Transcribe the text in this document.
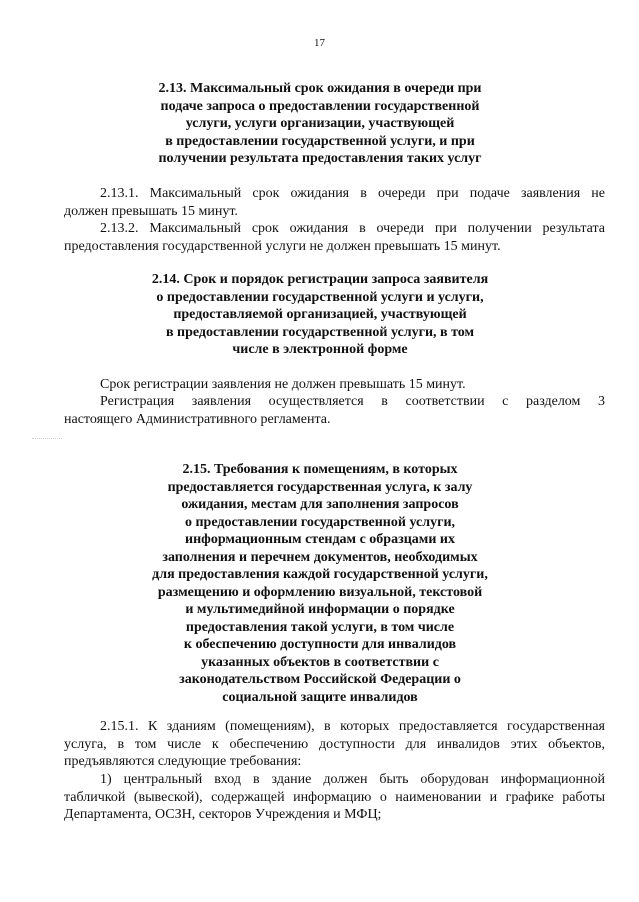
17
2.13. Максимальный срок ожидания в очереди при
подаче запроса о предоставлении государственной
услуги, услуги организации, участвующей
в предоставлении государственной услуги, и при
получении результата предоставления таких услуг
2.13.1. Максимальный срок ожидания в очереди при подаче заявления не
должен превышать 15 минут.
2.13.2. Максимальный срок ожидания в очереди при получении результата
предоставления государственной услуги не должен превышать 15 минут.
2.14. Срок и порядок регистрации запроса заявителя
о предоставлении государственной услуги и услуги,
предоставляемой организацией, участвующей
в предоставлении государственной услуги, в том
числе в электронной форме
Срок регистрации заявления не должен превышать 15 минут.
Регистрация заявления осуществляется в соответствии с разделом 3
настоящего Административного регламента.
2.15. Требования к помещениям, в которых
предоставляется государственная услуга, к залу
ожидания, местам для заполнения запросов
о предоставлении государственной услуги,
информационным стендам с образцами их
заполнения и перечнем документов, необходимых
для предоставления каждой государственной услуги,
размещению и оформлению визуальной, текстовой
и мультимедийной информации о порядке
предоставления такой услуги, в том числе
к обеспечению доступности для инвалидов
указанных объектов в соответствии с
законодательством Российской Федерации о
социальной защите инвалидов
2.15.1. К зданиям (помещениям), в которых предоставляется государственная
услуга, в том числе к обеспечению доступности для инвалидов этих объектов,
предъявляются следующие требования:
1) центральный вход в здание должен быть оборудован информационной
табличкой (вывеской), содержащей информацию о наименовании и графике работы
Департамента, ОСЗН, секторов Учреждения и МФЦ;
